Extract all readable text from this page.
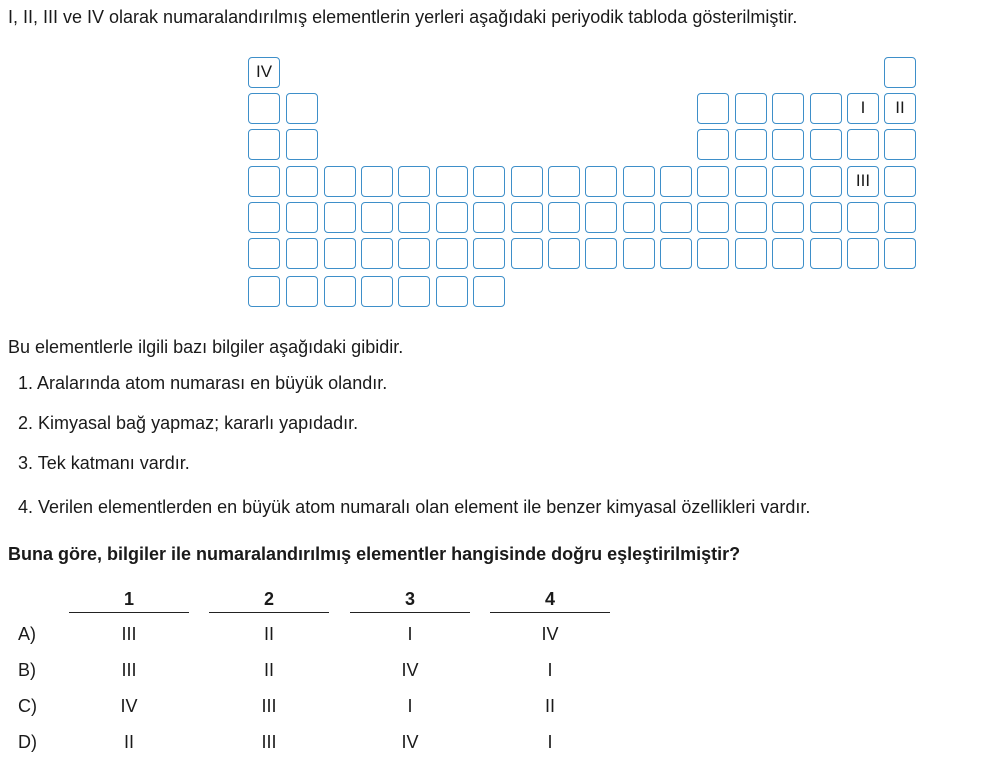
I, II, III ve IV olarak numaralandırılmış elementlerin yerleri aşağıdaki periyodik tabloda gösterilmiştir.
IV
I	II
III
Bu elementlerle ilgili bazı bilgiler aşağıdaki gibidir.
1. Aralarında atom numarası en büyük olandır.
2. Kimyasal bağ yapmaz; kararlı yapıdadır.
3. Tek katmanı vardır.
4. Verilen elementlerden en büyük atom numaralı olan element ile benzer kimyasal özellikleri vardır.
Buna göre, bilgiler ile numaralandırılmış elementler hangisinde doğru eşleştirilmiştir?
1	2	3	4
A)	III	II	I	IV
B)	III	II	IV	I
C)	IV	III	I	II
D)	II	III	IV	I
